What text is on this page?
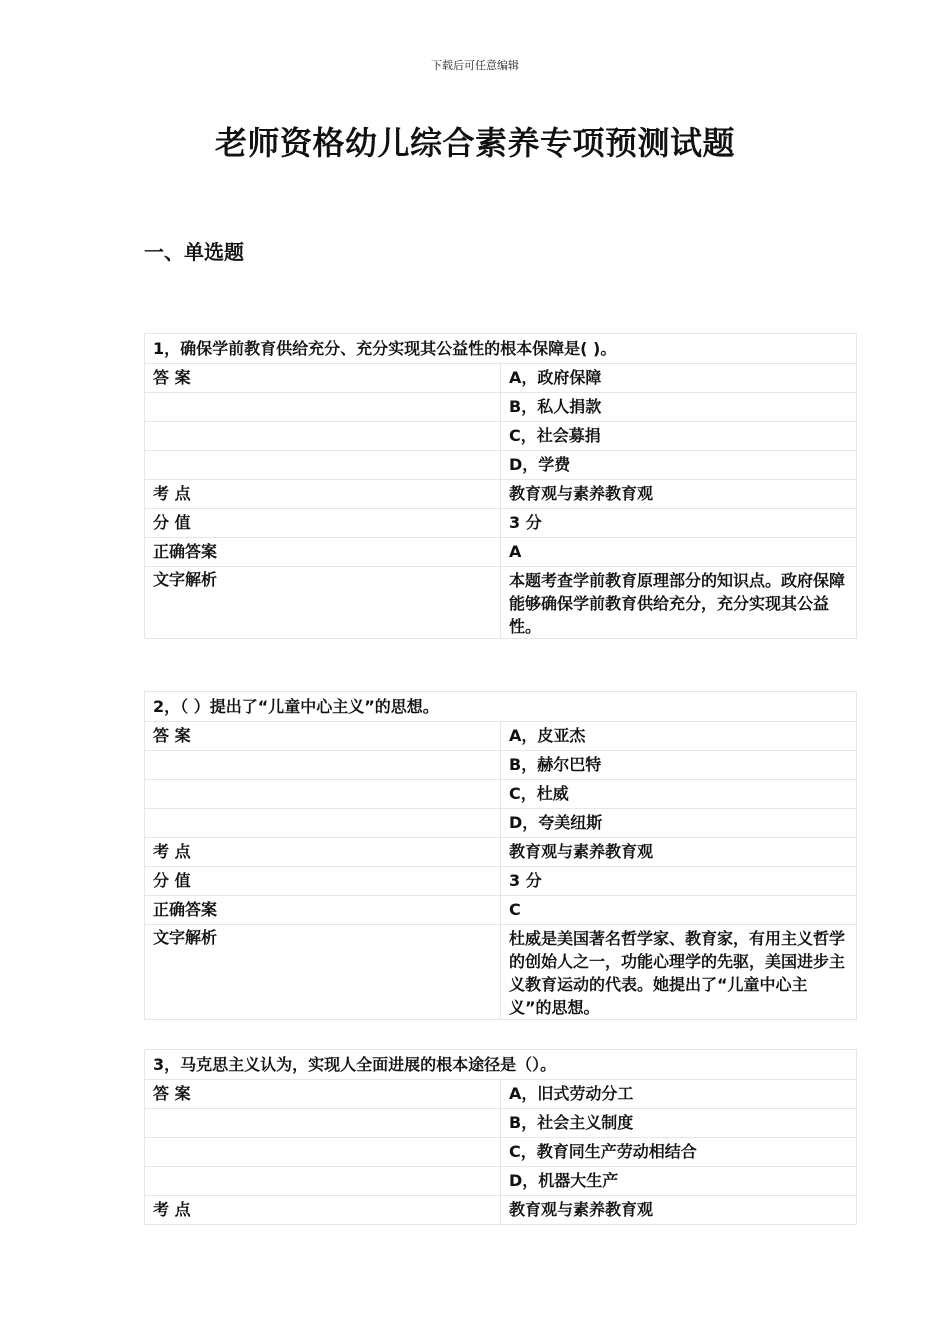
下载后可任意编辑
老师资格幼儿综合素养专项预测试题
一、单选题
1，确保学前教育供给充分、充分实现其公益性的根本保障是( )。	
答 案	A，政府保障
	B，私人捐款
	C，社会募捐
	D，学费
考 点	教育观与素养教育观
分 值	3 分
正确答案	A
文字解析	本题考查学前教育原理部分的知识点。政府保障能够确保学前教育供给充分，充分实现其公益性。
2，（ ）提出了“儿童中心主义”的思想。	
答 案	A，皮亚杰
	B，赫尔巴特
	C，杜威
	D，夸美纽斯
考 点	教育观与素养教育观
分 值	3 分
正确答案	C
文字解析	杜威是美国著名哲学家、教育家，有用主义哲学的创始人之一，功能心理学的先驱，美国进步主义教育运动的代表。她提出了“儿童中心主义”的思想。
3，马克思主义认为，实现人全面进展的根本途径是（）。	
答 案	A，旧式劳动分工
	B，社会主义制度
	C，教育同生产劳动相结合
	D，机器大生产
考 点	教育观与素养教育观
